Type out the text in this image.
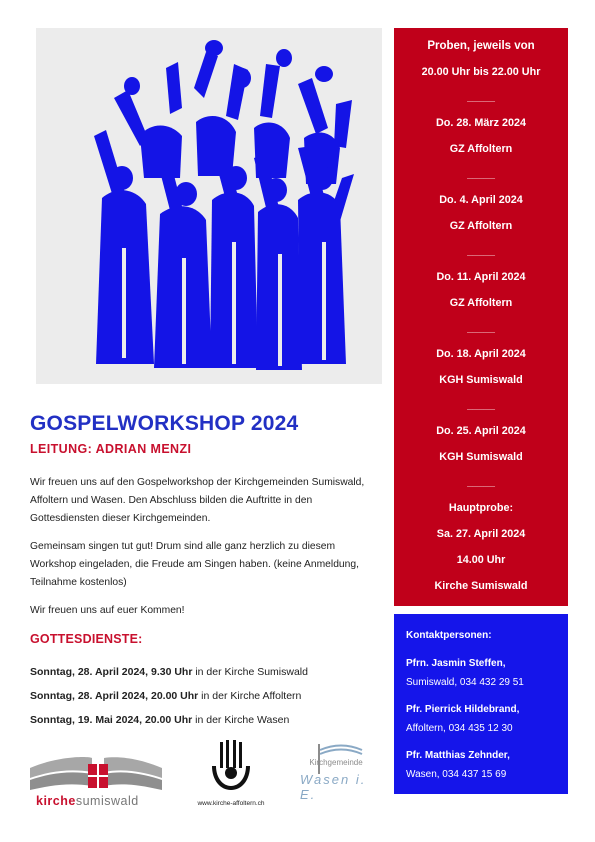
GOSPELWORKSHOP 2024
LEITUNG: ADRIAN MENZI
Wir freuen uns auf den Gospelworkshop der Kirchgemeinden Sumiswald, Affoltern und Wasen. Den Abschluss bilden die Auftritte in den Gottesdiensten dieser Kirchgemeinden.
Gemeinsam singen tut gut! Drum sind alle ganz herzlich zu diesem Workshop eingeladen, die Freude am Singen haben. (keine Anmeldung, Teilnahme kostenlos)
Wir freuen uns auf euer Kommen!
GOTTESDIENSTE:
Sonntag, 28. April 2024, 9.30 Uhr in der Kirche Sumiswald
Sonntag, 28. April 2024, 20.00 Uhr in der Kirche Affoltern
Sonntag, 19. Mai 2024, 20.00 Uhr in der Kirche Wasen
Proben, jeweils von
20.00 Uhr bis 22.00 Uhr
_____
Do. 28. März 2024
GZ Affoltern
_____
Do. 4. April 2024
GZ Affoltern
_____
Do. 11. April 2024
GZ Affoltern
_____
Do. 18. April 2024
KGH Sumiswald
_____
Do. 25. April 2024
KGH Sumiswald
_____
Hauptprobe:
Sa. 27. April 2024
14.00 Uhr
Kirche Sumiswald
Kontaktpersonen:
Pfrn. Jasmin Steffen,
Sumiswald, 034 432 29 51
Pfr. Pierrick Hildebrand,
Affoltern, 034 435 12 30
Pfr. Matthias Zehnder,
Wasen, 034 437 15 69
kirchesumiswald	www.kirche-affoltern.ch
Kirchgemeinde
Wasen i. E.
